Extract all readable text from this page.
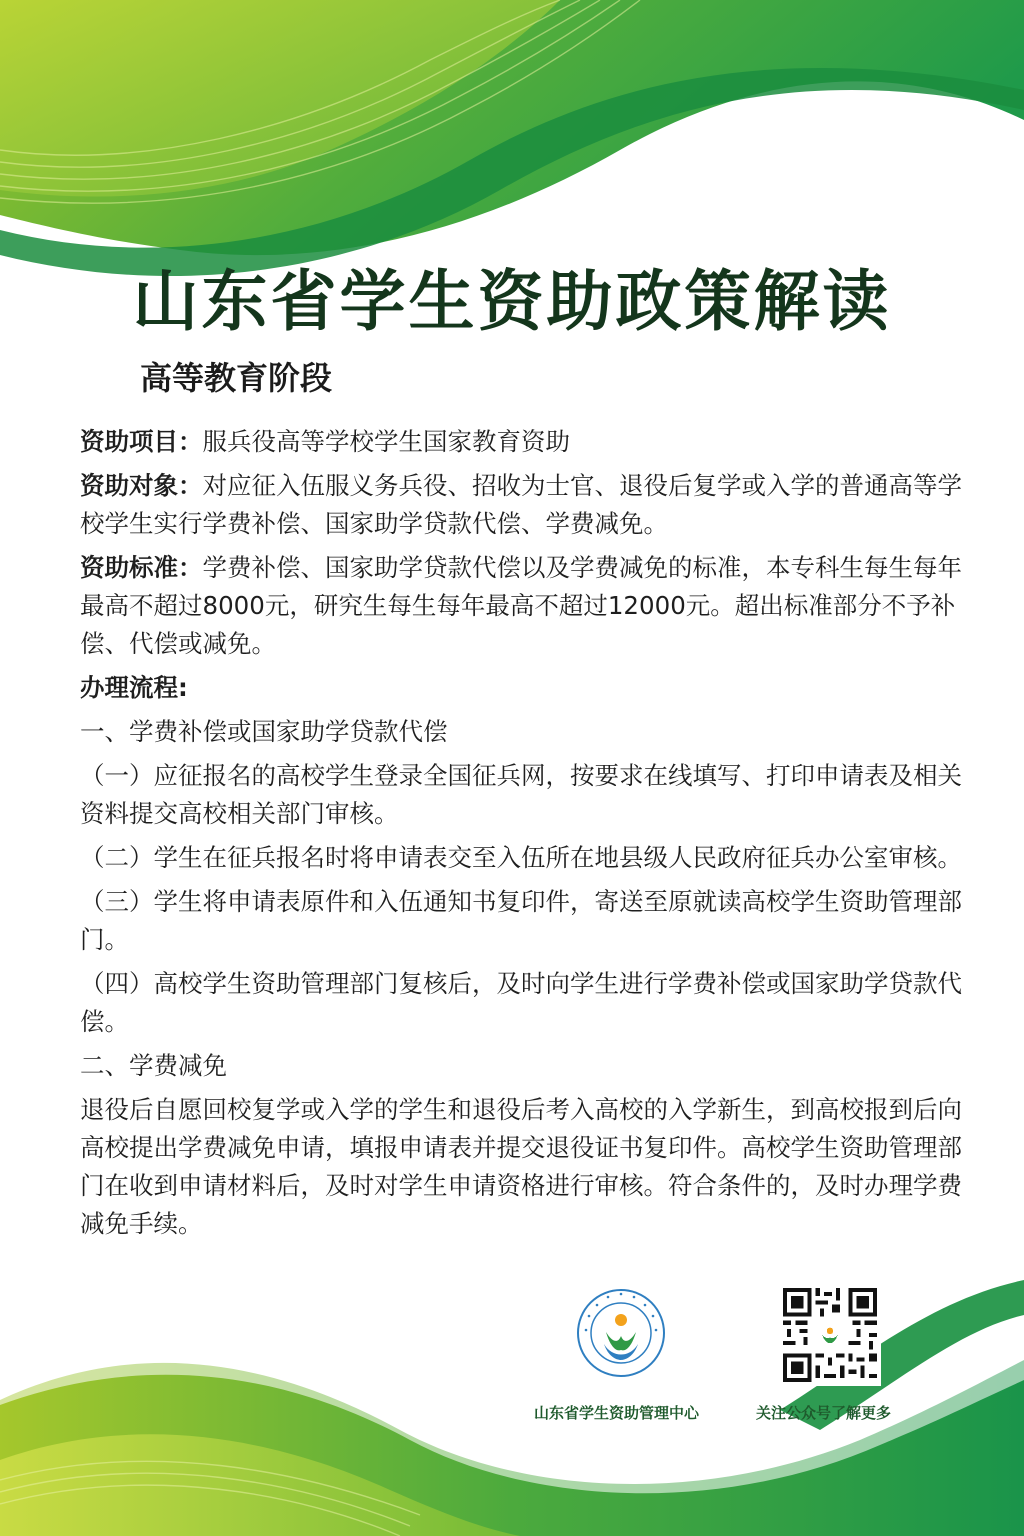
山东省学生资助政策解读
高等教育阶段

资助项目：服兵役高等学校学生国家教育资助

资助对象：对应征入伍服义务兵役、招收为士官、退役后复学或入学的普通高等学校学生实行学费补偿、国家助学贷款代偿、学费减免。

资助标准：学费补偿、国家助学贷款代偿以及学费减免的标准，本专科生每生每年最高不超过8000元，研究生每生每年最高不超过12000元。超出标准部分不予补偿、代偿或减免。

办理流程:

一、学费补偿或国家助学贷款代偿

（一）应征报名的高校学生登录全国征兵网，按要求在线填写、打印申请表及相关资料提交高校相关部门审核。

（二）学生在征兵报名时将申请表交至入伍所在地县级人民政府征兵办公室审核。

（三）学生将申请表原件和入伍通知书复印件，寄送至原就读高校学生资助管理部门。

（四）高校学生资助管理部门复核后，及时向学生进行学费补偿或国家助学贷款代偿。

二、学费减免

退役后自愿回校复学或入学的学生和退役后考入高校的入学新生，到高校报到后向高校提出学费减免申请，填报申请表并提交退役证书复印件。高校学生资助管理部门在收到申请材料后，及时对学生申请资格进行审核。符合条件的，及时办理学费减免手续。

山东省学生资助管理中心	关注公众号了解更多
